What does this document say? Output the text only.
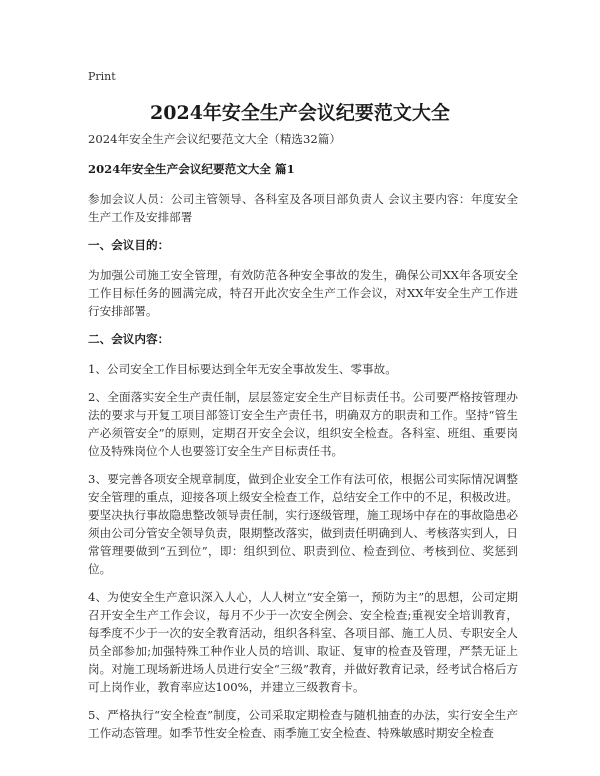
Print
2024年安全生产会议纪要范文大全

2024年安全生产会议纪要范文大全（精选32篇）

2024年安全生产会议纪要范文大全 篇1

参加会议人员：公司主管领导、各科室及各项目部负责人 会议主要内容：年度安全生产工作及安排部署

一、会议目的：

为加强公司施工安全管理，有效防范各种安全事故的发生，确保公司XX年各项安全工作目标任务的圆满完成，特召开此次安全生产工作会议，对XX年安全生产工作进行安排部署。

二、会议内容：

1、公司安全工作目标要达到全年无安全事故发生、零事故。

2、全面落实安全生产责任制，层层签定安全生产目标责任书。公司要严格按管理办法的要求与开复工项目部签订安全生产责任书，明确双方的职责和工作。坚持“管生产必须管安全”的原则，定期召开安全会议，组织安全检查。各科室、班组、重要岗位及特殊岗位个人也要签订安全生产目标责任书。

3、要完善各项安全规章制度，做到企业安全工作有法可依，根据公司实际情况调整安全管理的重点，迎接各项上级安全检查工作，总结安全工作中的不足，积极改进。要坚决执行事故隐患整改领导责任制，实行逐级管理，施工现场中存在的事故隐患必须由公司分管安全领导负责，限期整改落实，做到责任明确到人、考核落实到人，日常管理要做到“五到位”，即：组织到位、职责到位、检查到位、考核到位、奖惩到位。

4、为使安全生产意识深入人心，人人树立“安全第一，预防为主”的思想，公司定期召开安全生产工作会议，每月不少于一次安全例会、安全检查;重视安全培训教育，每季度不少于一次的安全教育活动，组织各科室、各项目部、施工人员、专职安全人员全部参加;加强特殊工种作业人员的培训、取证、复审的检查及管理，严禁无证上岗。对施工现场新进场人员进行安全“三级”教育，并做好教育记录，经考试合格后方可上岗作业，教育率应达100%，并建立三级教育卡。

5、严格执行“安全检查”制度，公司采取定期检查与随机抽查的办法，实行安全生产工作动态管理。如季节性安全检查、雨季施工安全检查、特殊敏感时期安全检查
